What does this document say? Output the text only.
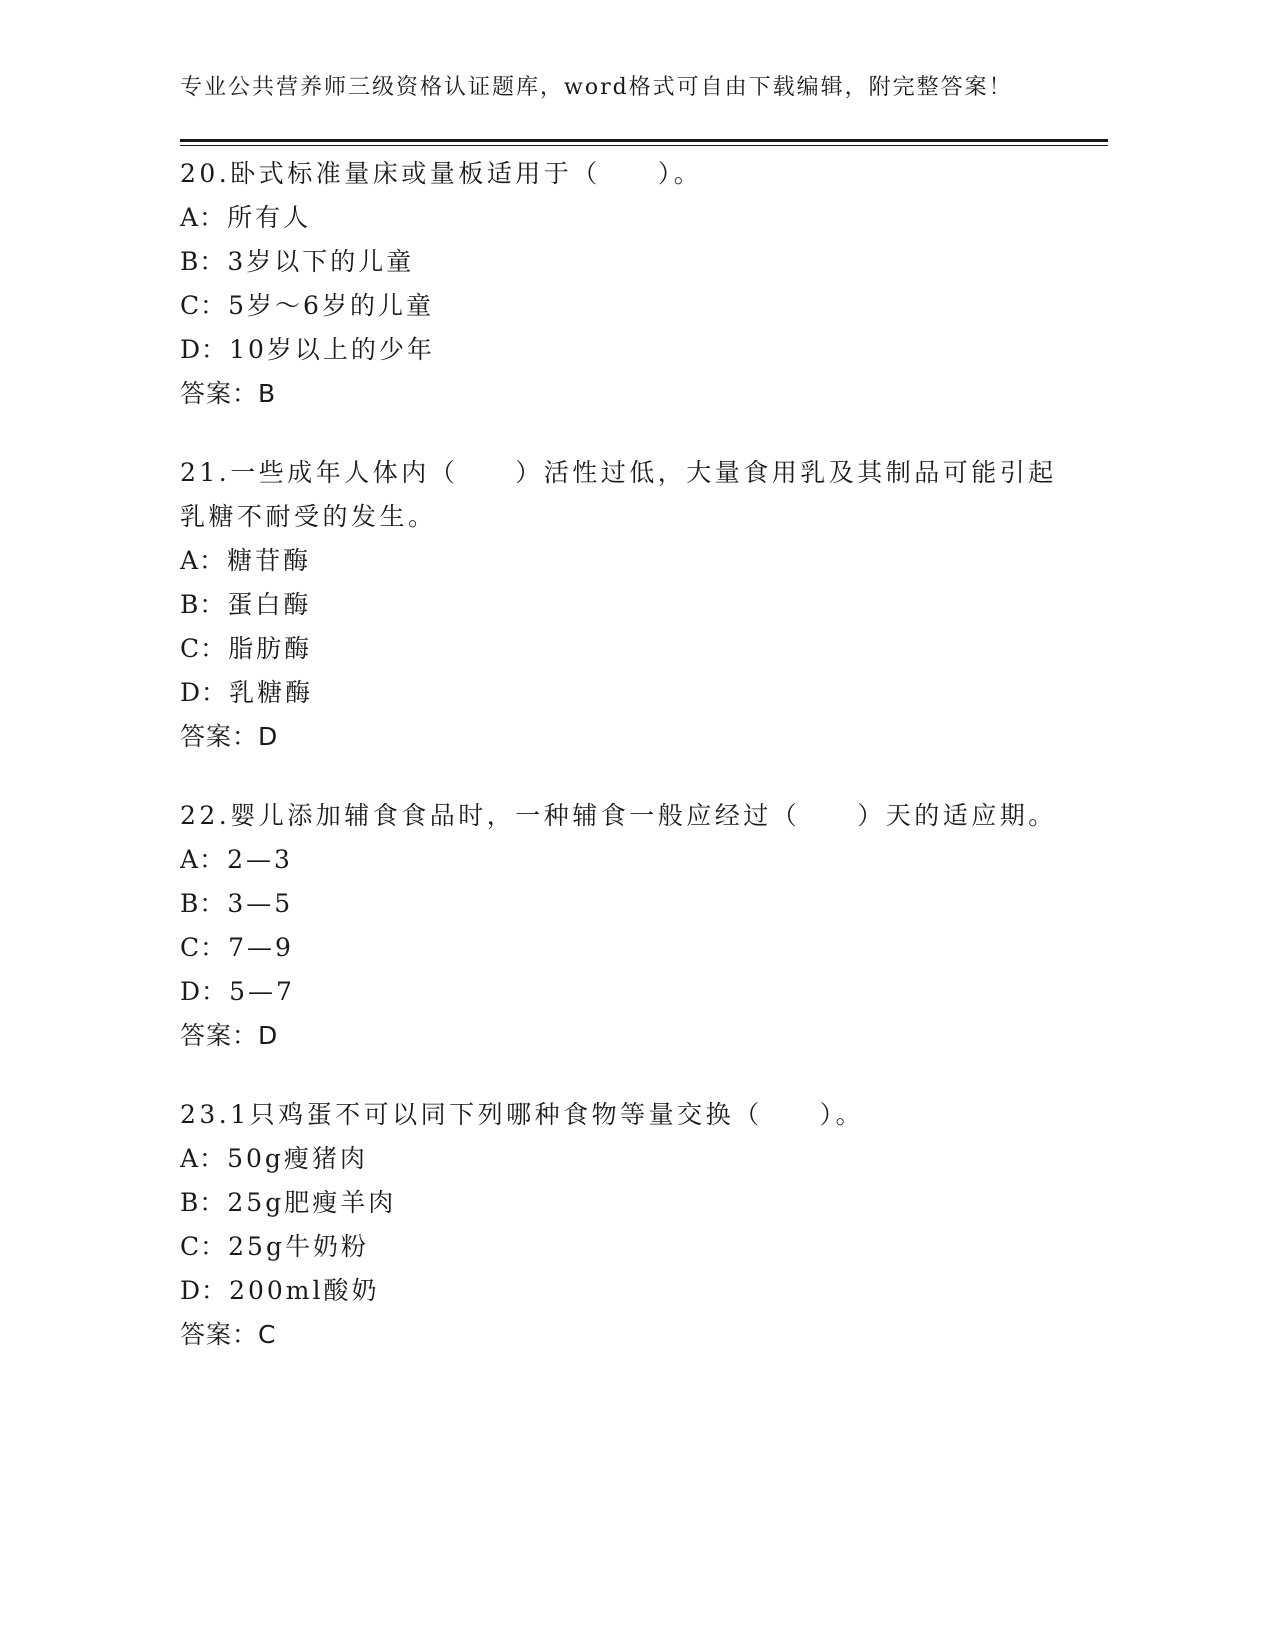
专业公共营养师三级资格认证题库，word格式可自由下载编辑，附完整答案！
20.卧式标准量床或量板适用于（　　）。
A：所有人
B：3岁以下的儿童
C：5岁～6岁的儿童
D：10岁以上的少年
答案：B
21.一些成年人体内（　　）活性过低，大量食用乳及其制品可能引起
乳糖不耐受的发生。
A：糖苷酶
B：蛋白酶
C：脂肪酶
D：乳糖酶
答案：D
22.婴儿添加辅食食品时，一种辅食一般应经过（　　）天的适应期。
A：2—3
B：3—5
C：7—9
D：5—7
答案：D
23.1只鸡蛋不可以同下列哪种食物等量交换（　　）。
A：50g瘦猪肉
B：25g肥瘦羊肉
C：25g牛奶粉
D：200ml酸奶
答案：C
